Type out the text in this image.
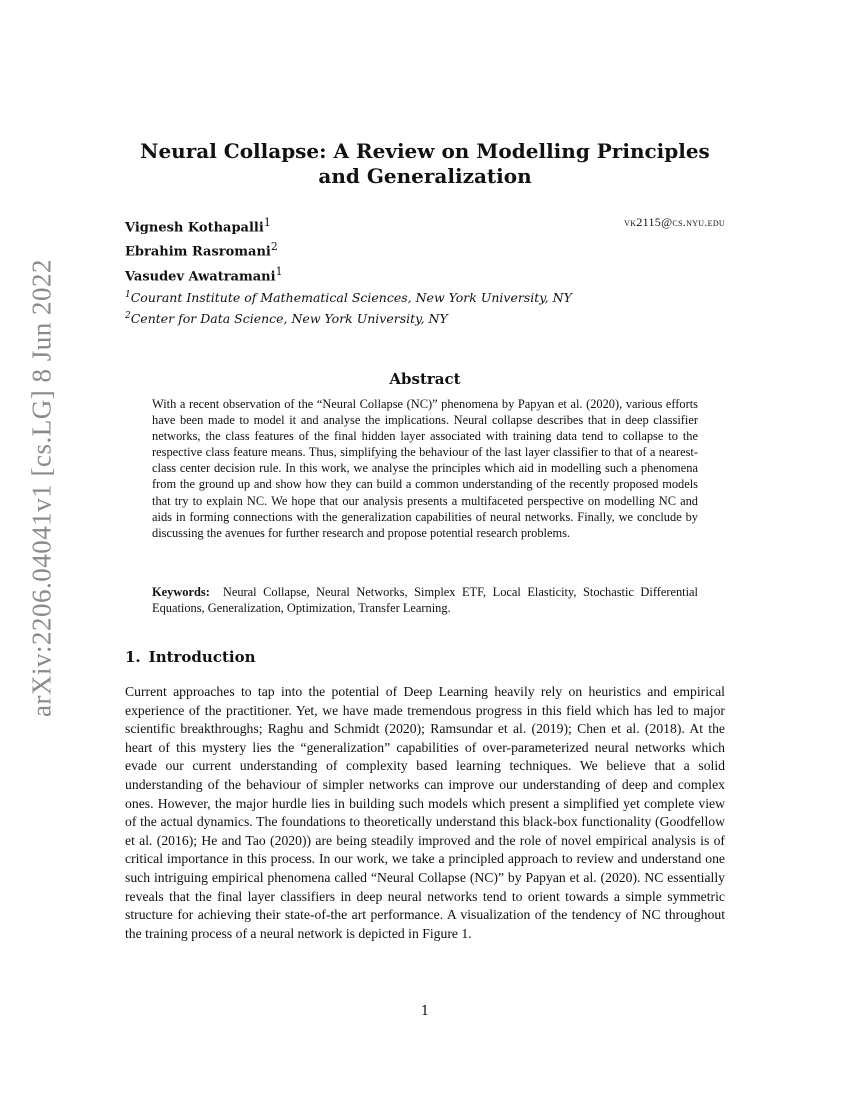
arXiv:2206.04041v1 [cs.LG] 8 Jun 2022
Neural Collapse: A Review on Modelling Principles and Generalization
vk2115@cs.nyu.edu
Vignesh Kothapalli$^1$
Ebrahim Rasromani$^2$
Vasudev Awatramani$^1$
$^1$Courant Institute of Mathematical Sciences, New York University, NY
$^2$Center for Data Science, New York University, NY
Abstract
With a recent observation of the “Neural Collapse (NC)” phenomena by Papyan et al. (2020), various efforts have been made to model it and analyse the implications. Neural collapse describes that in deep classifier networks, the class features of the final hidden layer associated with training data tend to collapse to the respective class feature means. Thus, simplifying the behaviour of the last layer classifier to that of a nearest-class center decision rule. In this work, we analyse the principles which aid in modelling such a phenomena from the ground up and show how they can build a common understanding of the recently proposed models that try to explain NC. We hope that our analysis presents a multifaceted perspective on modelling NC and aids in forming connections with the generalization capabilities of neural networks. Finally, we conclude by discussing the avenues for further research and propose potential research problems.
Keywords: Neural Collapse, Neural Networks, Simplex ETF, Local Elasticity, Stochastic Differential Equations, Generalization, Optimization, Transfer Learning.
1. Introduction
Current approaches to tap into the potential of Deep Learning heavily rely on heuristics and empirical experience of the practitioner. Yet, we have made tremendous progress in this field which has led to major scientific breakthroughs; Raghu and Schmidt (2020); Ramsundar et al. (2019); Chen et al. (2018). At the heart of this mystery lies the “generalization” capabilities of over-parameterized neural networks which evade our current understanding of complexity based learning techniques. We believe that a solid understanding of the behaviour of simpler networks can improve our understanding of deep and complex ones. However, the major hurdle lies in building such models which present a simplified yet complete view of the actual dynamics. The foundations to theoretically understand this black-box functionality (Goodfellow et al. (2016); He and Tao (2020)) are being steadily improved and the role of novel empirical analysis is of critical importance in this process. In our work, we take a principled approach to review and understand one such intriguing empirical phenomena called “Neural Collapse (NC)” by Papyan et al. (2020). NC essentially reveals that the final layer classifiers in deep neural networks tend to orient towards a simple symmetric structure for achieving their state-of-the art performance. A visualization of the tendency of NC throughout the training process of a neural network is depicted in Figure 1.
1
